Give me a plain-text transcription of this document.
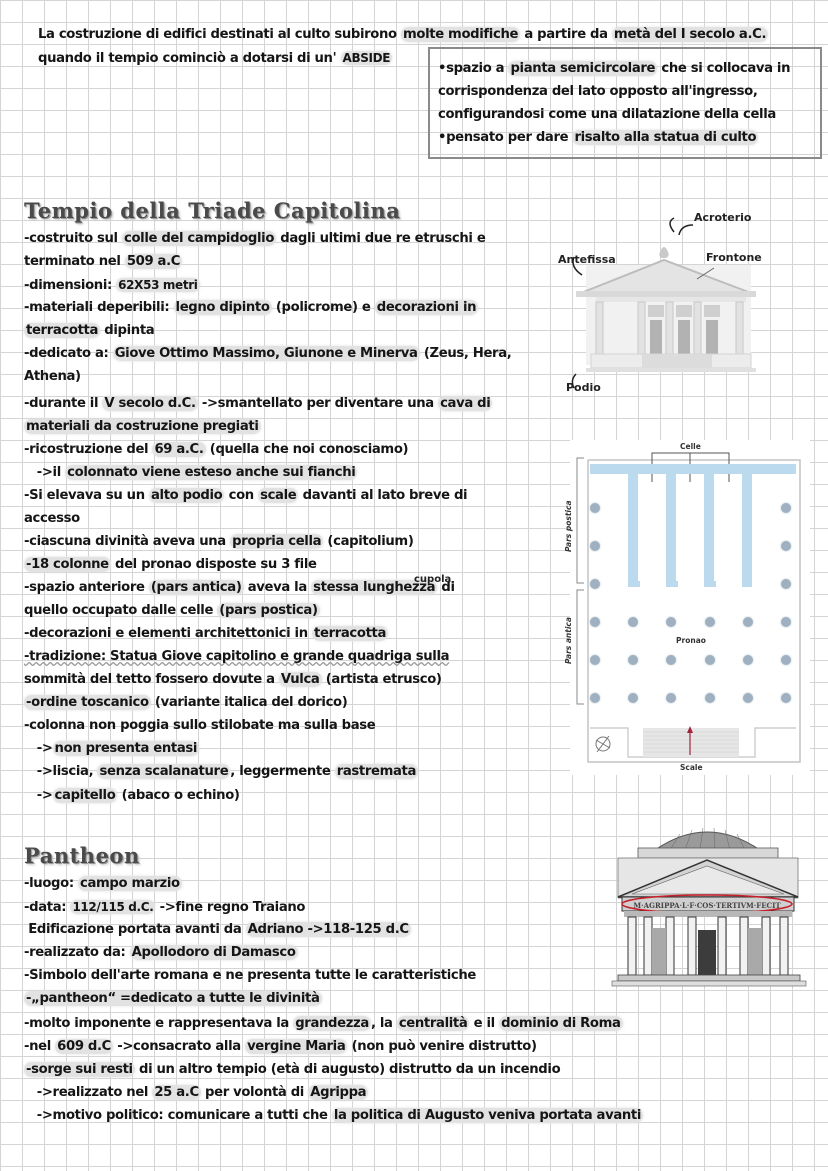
La costruzione di edifici destinati al culto subirono molte modifiche a partire da metà del I secolo a.C.
quando il tempio cominciò a dotarsi di un' ABSIDE
•spazio a pianta semicircolare che si collocava in
corrispondenza del lato opposto all'ingresso,
configurandosi come una dilatazione della cella
•pensato per dare risalto alla statua di culto
Tempio della Triade Capitolina
-costruito sul colle del campidoglio dagli ultimi due re etruschi e
terminato nel 509 a.C
-dimensioni: 62X53 metri
-materiali deperibili: legno dipinto (policrome) e decorazioni in
terracotta dipinta
-dedicato a: Giove Ottimo Massimo, Giunone e Minerva (Zeus, Hera,
Athena)
-durante il V secolo d.C. ->smantellato per diventare una cava di
materiali da costruzione pregiati
-ricostruzione del 69 a.C. (quella che noi conosciamo)
->il colonnato viene esteso anche sui fianchi
-Si elevava su un alto podio con scale davanti al lato breve di
accesso
-ciascuna divinità aveva una propria cella (capitolium)
-18 colonne del pronao disposte su 3 file
-spazio anteriore (pars antica) aveva la stessa lunghezza di
cupola
quello occupato dalle celle (pars postica)
-decorazioni e elementi architettonici in terracotta
-tradizione: Statua Giove capitolino e grande quadriga sulla
sommità del tetto fossero dovute a Vulca (artista etrusco)
-ordine toscanico (variante italica del dorico)
-colonna non poggia sullo stilobate ma sulla base
-> non presenta entasi
->liscia, senza scalanature , leggermente rastremata
-> capitello (abaco o echino)
Acroterio
Antefissa	Frontone
Podio
Celle
Pronao
Scale
Pars postica
Pars antica
Pantheon
-luogo: campo marzio
-data: 112/115 d.C. ->fine regno Traiano
Edificazione portata avanti da Adriano ->118-125 d.C
-realizzato da: Apollodoro di Damasco
-Simbolo dell'arte romana e ne presenta tutte le caratteristiche
-„pantheon“ =dedicato a tutte le divinità
-molto imponente e rappresentava la grandezza , la centralità e il dominio di Roma
-nel 609 d.C ->consacrato alla vergine Maria (non può venire distrutto)
-sorge sui resti di un altro tempio (età di augusto) distrutto da un incendio
->realizzato nel 25 a.C per volontà di Agrippa
->motivo politico: comunicare a tutti che la politica di Augusto veniva portata avanti
M·AGRIPPA·L·F·COS·TERTIVM·FECIT
